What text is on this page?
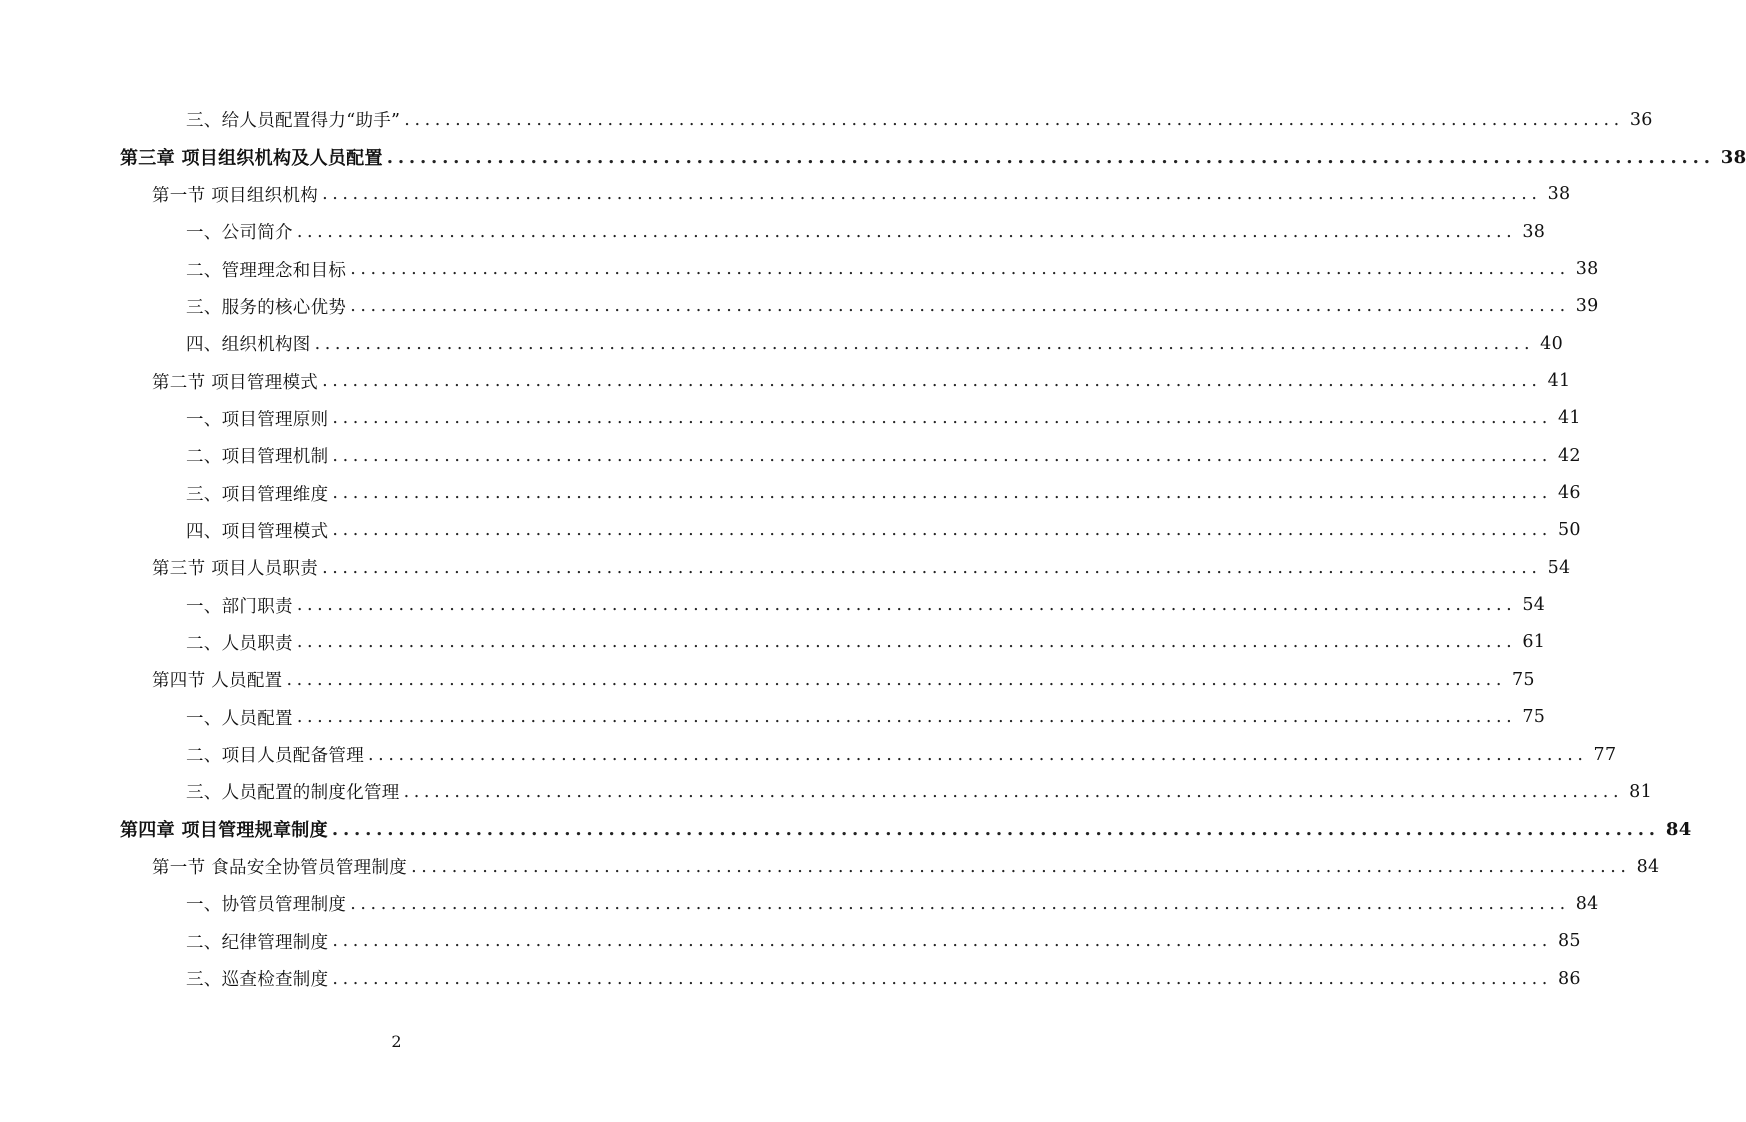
三、给人员配置得力“助手” ........................................................................................................................ 36
第三章 项目组织机构及人员配置 ........................................................................................................................ 38
第一节 项目组织机构 ........................................................................................................................ 38
一、公司简介 ........................................................................................................................ 38
二、管理理念和目标 ........................................................................................................................ 38
三、服务的核心优势 ........................................................................................................................ 39
四、组织机构图 ........................................................................................................................ 40
第二节 项目管理模式 ........................................................................................................................ 41
一、项目管理原则 ........................................................................................................................ 41
二、项目管理机制 ........................................................................................................................ 42
三、项目管理维度 ........................................................................................................................ 46
四、项目管理模式 ........................................................................................................................ 50
第三节 项目人员职责 ........................................................................................................................ 54
一、部门职责 ........................................................................................................................ 54
二、人员职责 ........................................................................................................................ 61
第四节 人员配置 ........................................................................................................................ 75
一、人员配置 ........................................................................................................................ 75
二、项目人员配备管理 ........................................................................................................................ 77
三、人员配置的制度化管理 ........................................................................................................................ 81
第四章 项目管理规章制度 ........................................................................................................................ 84
第一节 食品安全协管员管理制度 ........................................................................................................................ 84
一、协管员管理制度 ........................................................................................................................ 84
二、纪律管理制度 ........................................................................................................................ 85
三、巡查检查制度 ........................................................................................................................ 86
2
